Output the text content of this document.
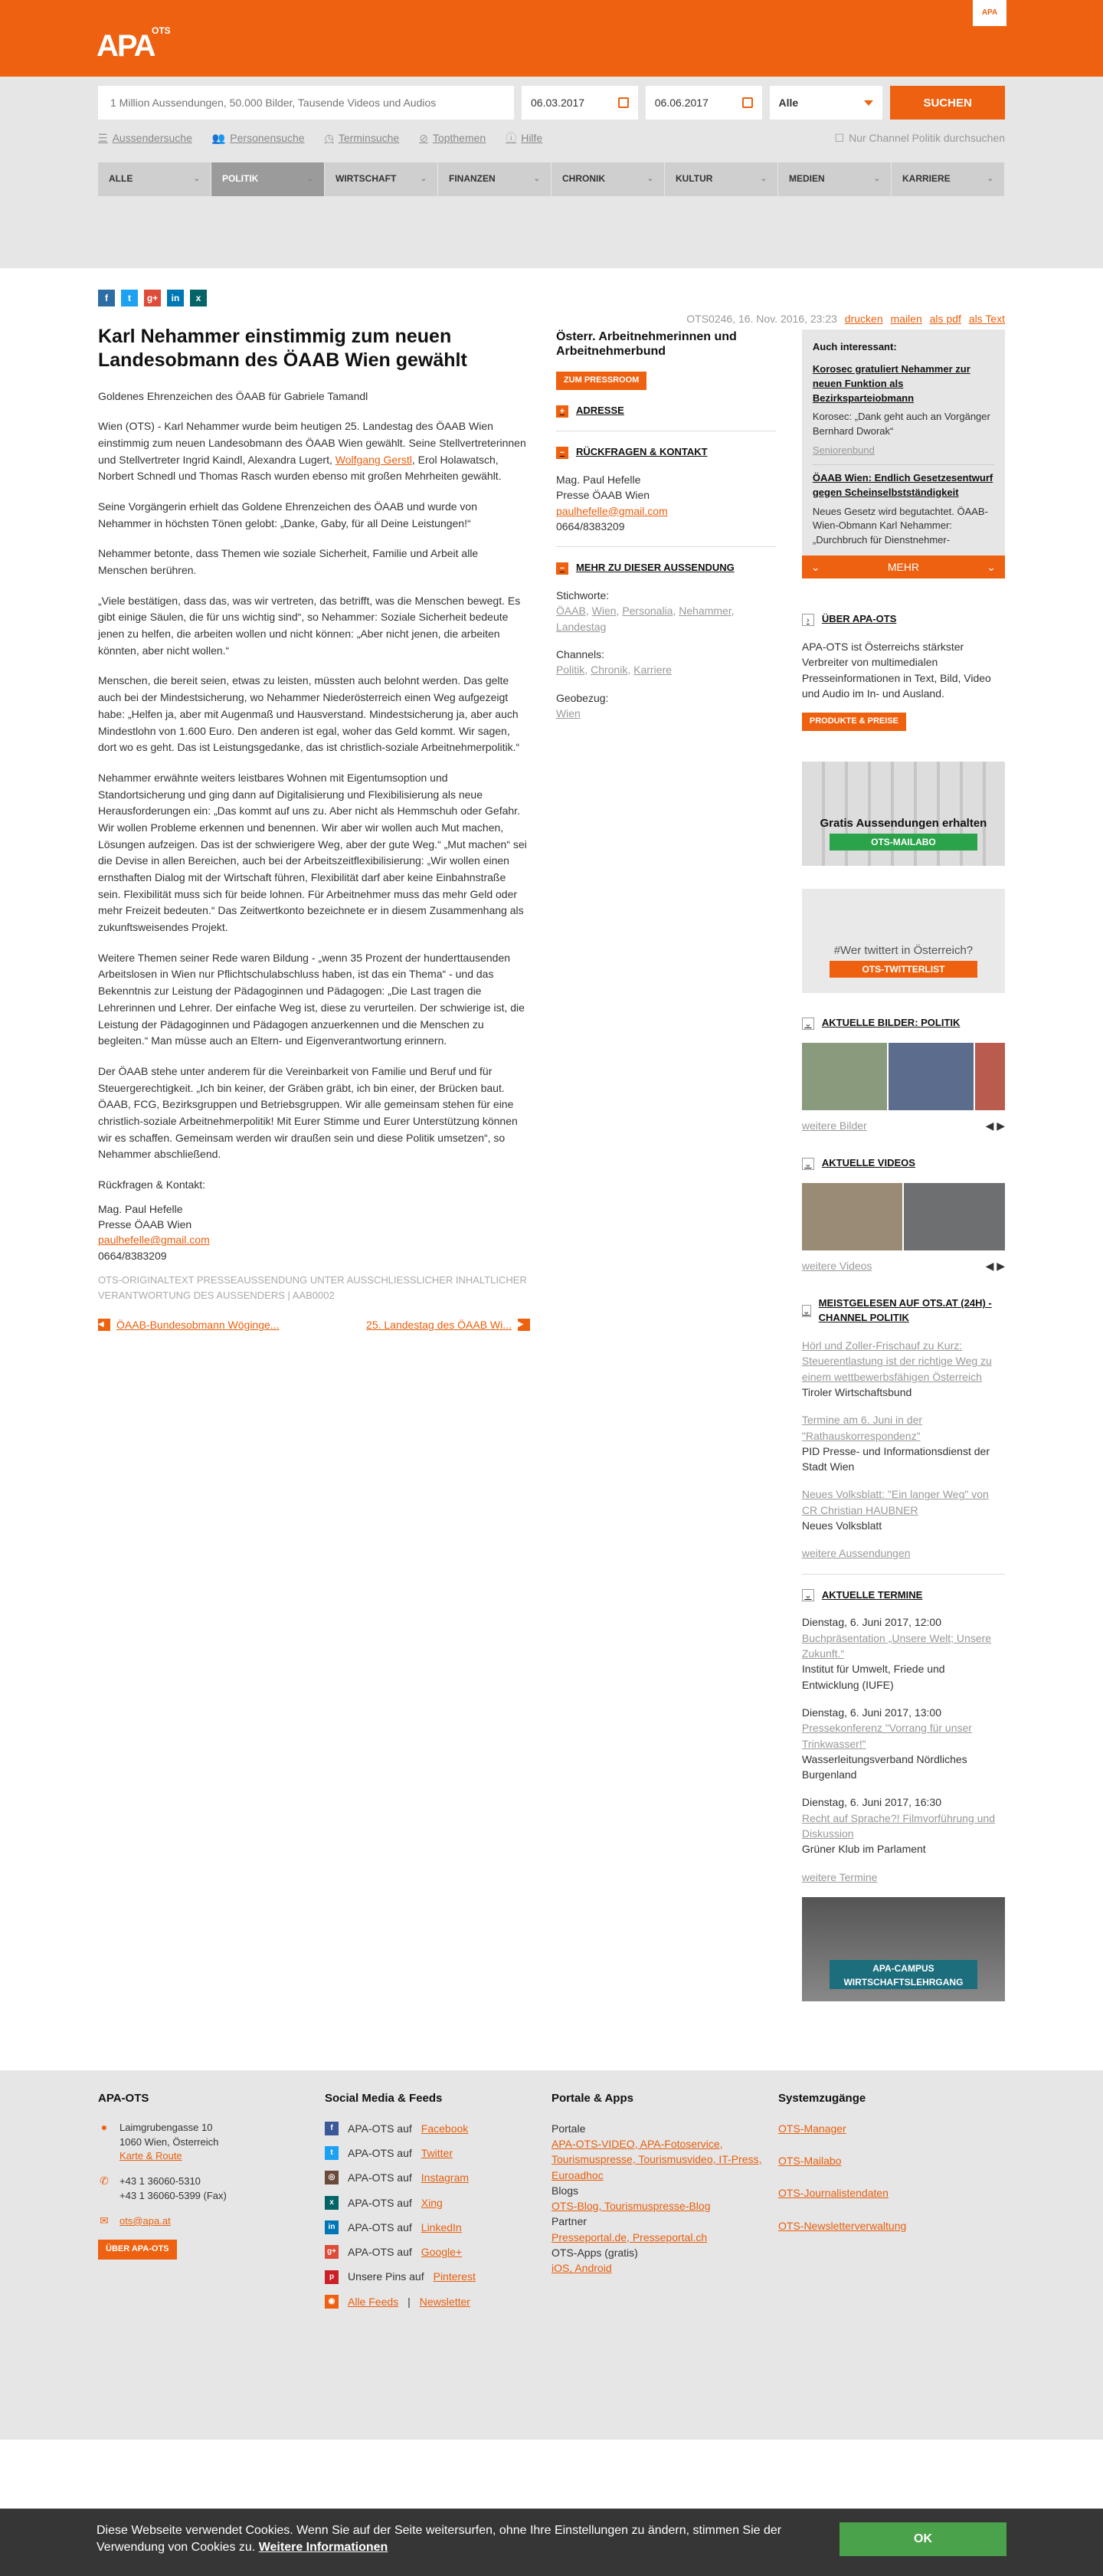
APA
OTS
APA
1 Million Aussendungen, 50.000 Bilder, Tausende Videos und Audios
06.03.2017	06.06.2017	Alle	SUCHEN
☰ Aussendersuche 👥 Personensuche ◷ Terminsuche ⊘ Topthemen ⓘ Hilfe	☐ Nur Channel Politik durchsuchen
ALLE	⌄ POLITIK	⌄ WIRTSCHAFT	⌄ FINANZEN	⌄ CHRONIK	⌄ KULTUR	⌄ MEDIEN	⌄ KARRIERE	⌄
OTS0246, 16. Nov. 2016, 23:23 drucken mailen als pdf als Text
f	t	g+	in	x
Karl Nehammer einstimmig zum neuen Landesobmann des ÖAAB Wien gewählt

Goldenes Ehrenzeichen des ÖAAB für Gabriele Tamandl

Wien (OTS) - Karl Nehammer wurde beim heutigen 25. Landestag des ÖAAB Wien einstimmig zum neuen Landesobmann des ÖAAB Wien gewählt. Seine Stellvertreterinnen und Stellvertreter Ingrid Kaindl, Alexandra Lugert, Wolfgang Gerstl, Erol Holawatsch, Norbert Schnedl und Thomas Rasch wurden ebenso mit großen Mehrheiten gewählt.

Seine Vorgängerin erhielt das Goldene Ehrenzeichen des ÖAAB und wurde von Nehammer in höchsten Tönen gelobt: „Danke, Gaby, für all Deine Leistungen!“

Nehammer betonte, dass Themen wie soziale Sicherheit, Familie und Arbeit alle Menschen berühren.

„Viele bestätigen, dass das, was wir vertreten, das betrifft, was die Menschen bewegt. Es gibt einige Säulen, die für uns wichtig sind“, so Nehammer: Soziale Sicherheit bedeute jenen zu helfen, die arbeiten wollen und nicht können: „Aber nicht jenen, die arbeiten könnten, aber nicht wollen.“

Menschen, die bereit seien, etwas zu leisten, müssten auch belohnt werden. Das gelte auch bei der Mindestsicherung, wo Nehammer Niederösterreich einen Weg aufgezeigt habe: „Helfen ja, aber mit Augenmaß und Hausverstand. Mindestsicherung ja, aber auch Mindestlohn von 1.600 Euro. Den anderen ist egal, woher das Geld kommt. Wir sagen, dort wo es geht. Das ist Leistungsgedanke, das ist christlich-soziale Arbeitnehmerpolitik.“

Nehammer erwähnte weiters leistbares Wohnen mit Eigentumsoption und Standortsicherung und ging dann auf Digitalisierung und Flexibilisierung als neue Herausforderungen ein: „Das kommt auf uns zu. Aber nicht als Hemmschuh oder Gefahr. Wir wollen Probleme erkennen und benennen. Wir aber wir wollen auch Mut machen, Lösungen aufzeigen. Das ist der schwierigere Weg, aber der gute Weg.“ „Mut machen“ sei die Devise in allen Bereichen, auch bei der Arbeitszeitflexibilisierung: „Wir wollen einen ernsthaften Dialog mit der Wirtschaft führen, Flexibilität darf aber keine Einbahnstraße sein. Flexibilität muss sich für beide lohnen. Für Arbeitnehmer muss das mehr Geld oder mehr Freizeit bedeuten.“ Das Zeitwertkonto bezeichnete er in diesem Zusammenhang als zukunftsweisendes Projekt.

Weitere Themen seiner Rede waren Bildung - „wenn 35 Prozent der hunderttausenden Arbeitslosen in Wien nur Pflichtschulabschluss haben, ist das ein Thema“ - und das Bekenntnis zur Leistung der Pädagoginnen und Pädagogen: „Die Last tragen die Lehrerinnen und Lehrer. Der einfache Weg ist, diese zu verurteilen. Der schwierige ist, die Leistung der Pädagoginnen und Pädagogen anzuerkennen und die Menschen zu begleiten.“ Man müsse auch an Eltern- und Eigenverantwortung erinnern.

Der ÖAAB stehe unter anderem für die Vereinbarkeit von Familie und Beruf und für Steuergerechtigkeit. „Ich bin keiner, der Gräben gräbt, ich bin einer, der Brücken baut. ÖAAB, FCG, Bezirksgruppen und Betriebsgruppen. Wir alle gemeinsam stehen für eine christlich-soziale Arbeitnehmerpolitik! Mit Eurer Stimme und Eurer Unterstützung können wir es schaffen. Gemeinsam werden wir draußen sein und diese Politik umsetzen“, so Nehammer abschließend.

Rückfragen & Kontakt:

Mag. Paul Hefelle
Presse ÖAAB Wien
paulhefelle@gmail.com
0664/8383209

OTS-ORIGINALTEXT PRESSEAUSSENDUNG UNTER AUSSCHLIESSLICHER INHALTLICHER VERANTWORTUNG DES AUSSENDERS | AAB0002

◀	ÖAAB-Bundesobmann Wöginge...	25. Landestag des ÖAAB Wi... ▶
Österr. Arbeitnehmerinnen und Arbeitnehmerbund
ZUM PRESSROOM
+	ADRESSE
−	RÜCKFRAGEN & KONTAKT
Mag. Paul Hefelle
Presse ÖAAB Wien
paulhefelle@gmail.com
0664/8383209
−	MEHR ZU DIESER AUSSENDUNG
Stichworte:
ÖAAB, Wien, Personalia, Nehammer, Landestag
Channels:
Politik, Chronik, Karriere
Geobezug:
Wien
Auch interessant:
Korosec gratuliert Nehammer zur neuen Funktion als Bezirksparteiobmann
Korosec: „Dank geht auch an Vorgänger Bernhard Dworak“
Seniorenbund
ÖAAB Wien: Endlich Gesetzesentwurf gegen Scheinselbstständigkeit
Neues Gesetz wird begutachtet. ÖAAB-Wien-Obmann Karl Nehammer: „Durchbruch für Dienstnehmer-
⌄	MEHR	⌄
›	ÜBER APA-OTS

APA-OTS ist Österreichs stärkster Verbreiter von multimedialen Presseinformationen in Text, Bild, Video und Audio im In- und Ausland.

PRODUKTE & PREISE
Gratis Aussendungen erhalten
OTS-MAILABO
#Wer twittert in Österreich?
OTS-TWITTERLIST
⌄ AKTUELLE BILDER: POLITIK
weitere Bilder	◀ ▶
⌄ AKTUELLE VIDEOS
weitere Videos	◀ ▶
⌄
MEISTGELESEN AUF OTS.AT (24H) - CHANNEL POLITIK
Hörl und Zoller-Frischauf zu Kurz: Steuerentlastung ist der richtige Weg zu einem wettbewerbsfähigen Österreich
Tiroler Wirtschaftsbund
Termine am 6. Juni in der "Rathauskorrespondenz"
PID Presse- und Informationsdienst der Stadt Wien
Neues Volksblatt: "Ein langer Weg" von CR Christian HAUBNER
Neues Volksblatt
weitere Aussendungen
⌄ AKTUELLE TERMINE
Dienstag, 6. Juni 2017, 12:00
Buchpräsentation „Unsere Welt; Unsere Zukunft.“
Institut für Umwelt, Friede und Entwicklung (IUFE)
Dienstag, 6. Juni 2017, 13:00
Pressekonferenz "Vorrang für unser Trinkwasser!"
Wasserleitungsverband Nördliches Burgenland
Dienstag, 6. Juni 2017, 16:30
Recht auf Sprache?! Filmvorführung und Diskussion
Grüner Klub im Parlament
weitere Termine
APA-CAMPUS WIRTSCHAFTSLEHRGANG
APA-OTS
● Laimgrubengasse 10
1060 Wien, Österreich
Karte & Route
✆ +43 1 36060-5310
+43 1 36060-5399 (Fax)
✉ ots@apa.at
ÜBER APA-OTS
Social Media & Feeds
f	APA-OTS auf Facebook
t	APA-OTS auf Twitter
◎	APA-OTS auf Instagram
x	APA-OTS auf Xing
in	APA-OTS auf LinkedIn
g+ APA-OTS auf Google+
p	Unsere Pins auf Pinterest
◉	Alle Feeds | Newsletter
Portale & Apps
Portale
APA-OTS-VIDEO, APA-Fotoservice, Tourismuspresse, Tourismusvideo, IT-Press, Euroadhoc
Blogs
OTS-Blog, Tourismuspresse-Blog
Partner
Presseportal.de, Presseportal.ch
OTS-Apps (gratis)
iOS, Android
Systemzugänge
OTS-Manager
OTS-Mailabo
OTS-Journalistendaten
OTS-Newsletterverwaltung
Diese Webseite verwendet Cookies. Wenn Sie auf der Seite weitersurfen, ohne Ihre Einstellungen zu ändern, stimmen Sie der Verwendung von Cookies zu. Weitere Informationen
OK
